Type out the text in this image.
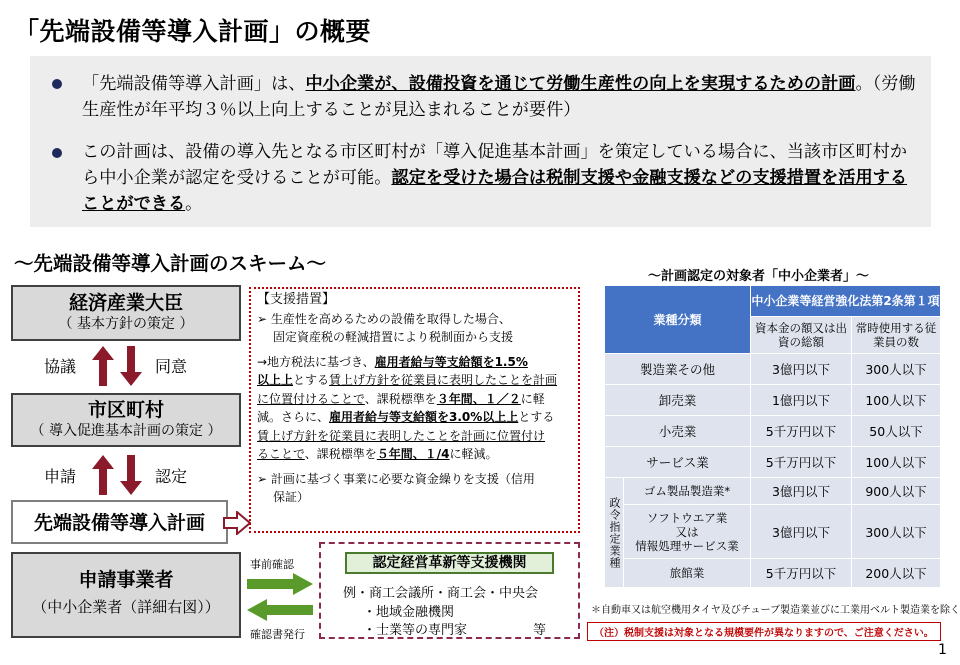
「先端設備等導入計画」の概要
「先端設備等導入計画」は、中小企業が、設備投資を通じて労働生産性の向上を実現するための計画。（労働生産性が年平均３％以上向上することが見込まれることが要件）
この計画は、設備の導入先となる市区町村が「導入促進基本計画」を策定している場合に、当該市区町村から中小企業が認定を受けることが可能。認定を受けた場合は税制支援や金融支援などの支援措置を活用することができる。
～先端設備等導入計画のスキーム～
経済産業大臣
（ 基本方針の策定 ）
協議	同意
市区町村
（ 導入促進基本計画の策定 ）
申請	認定
先端設備等導入計画
申請事業者
（中小企業者（詳細右図））
事前確認
確認書発行

【支援措置】

➢ 生産性を高めるための設備を取得した場合、

固定資産税の軽減措置により税制面から支援

→地方税法に基づき、雇用者給与等支給額を1.5%

以上上とする賃上げ方針を従業員に表明したことを計画

に位置付けることで、課税標準を３年間、１／２に軽

減。さらに、雇用者給与等支給額を3.0%以上上とする

賃上げ方針を従業員に表明したことを計画に位置付け

ることで、課税標準を５年間、１/4に軽減。

➢ 計画に基づく事業に必要な資金繰りを支援（信用

保証）

認定経営革新等支援機関
例・商工会議所・商工会・中央会
・地域金融機関
・士業等の専門家	等
～計画認定の対象者「中小企業者」～
業種分類		中小企業等経営強化法第2条第１項	
		資本金の額又は出資の総額	常時使用する従業員の数
製造業その他		3億円以下	300人以下
卸売業		1億円以下	100人以下
小売業		5千万円以下	50人以下
サービス業		5千万円以下	100人以下
政令指定業種	ゴム製品製造業*	3億円以下	900人以下

	ソフトウエア業
又は
情報処理サービス業	3億円以下	300人以下
	旅館業	5千万円以下	200人以下
＊自動車又は航空機用タイヤ及びチューブ製造業並びに工業用ベルト製造業を除く
（注）税制支援は対象となる規模要件が異なりますので、ご注意ください。
1
